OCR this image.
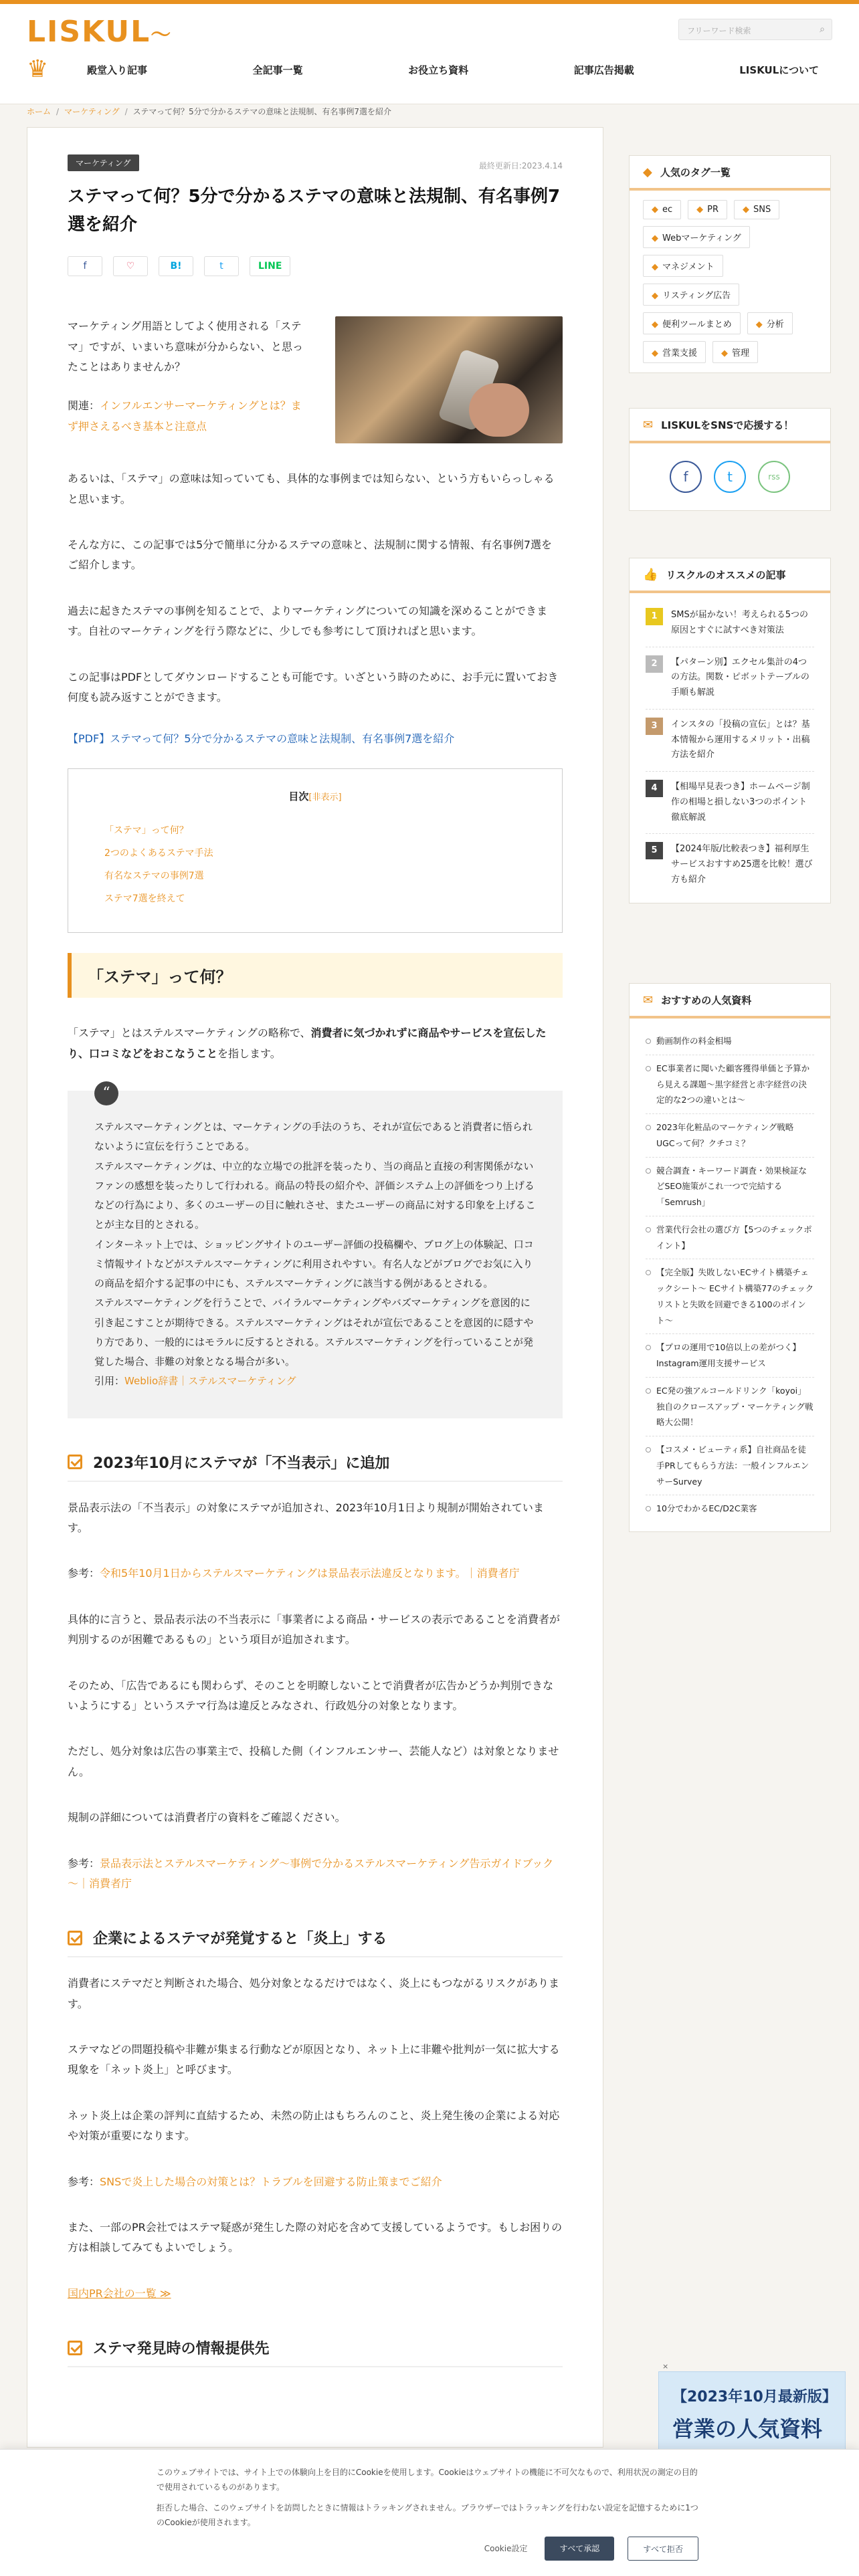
LISKUL〜	フリーワード検索	⌕
♛	殿堂入り記事	全記事一覧	お役立ち資料	記事広告掲載	LISKULについて
ホーム / マーケティング / ステマって何？5分で分かるステマの意味と法規制、有名事例7選を紹介
マーケティング	最終更新日:2023.4.14
ステマって何？5分で分かるステマの意味と法規制、有名事例7選を紹介
f	♡	B!	t	LINE

マーケティング用語としてよく使用される「ステマ」ですが、いまいち意味が分からない、と思ったことはありませんか？

関連：インフルエンサーマーケティングとは？まず押さえるべき基本と注意点

あるいは、「ステマ」の意味は知っていても、具体的な事例までは知らない、という方もいらっしゃると思います。

そんな方に、この記事では5分で簡単に分かるステマの意味と、法規制に関する情報、有名事例7選をご紹介します。

過去に起きたステマの事例を知ることで、よりマーケティングについての知識を深めることができます。自社のマーケティングを行う際などに、少しでも参考にして頂ければと思います。

この記事はPDFとしてダウンロードすることも可能です。いざという時のために、お手元に置いておき何度も読み返すことができます。

【PDF】ステマって何？5分で分かるステマの意味と法規制、有名事例7選を紹介

目次[非表示]
「ステマ」って何？
2つのよくあるステマ手法
有名なステマの事例7選
ステマ7選を終えて
「ステマ」って何？

「ステマ」とはステルスマーケティングの略称で、消費者に気づかれずに商品やサービスを宣伝したり、口コミなどをおこなうことを指します。

“

ステルスマーケティングとは、マーケティングの手法のうち、それが宣伝であると消費者に悟られないように宣伝を行うことである。

ステルスマーケティングは、中立的な立場での批評を装ったり、当の商品と直接の利害関係がないファンの感想を装ったりして行われる。商品の特長の紹介や、評価システム上の評価をつり上げるなどの行為により、多くのユーザーの目に触れさせ、またユーザーの商品に対する印象を上げることが主な目的とされる。

インターネット上では、ショッピングサイトのユーザー評価の投稿欄や、ブログ上の体験記、口コミ情報サイトなどがステルスマーケティングに利用されやすい。有名人などがブログでお気に入りの商品を紹介する記事の中にも、ステルスマーケティングに該当する例があるとされる。

ステルスマーケティングを行うことで、バイラルマーケティングやバズマーケティングを意図的に引き起こすことが期待できる。ステルスマーケティングはそれが宣伝であることを意図的に隠すやり方であり、一般的にはモラルに反するとされる。ステルスマーケティングを行っていることが発覚した場合、非難の対象となる場合が多い。

引用：Weblio辞書｜ステルスマーケティング

2023年10月にステマが「不当表示」に追加

景品表示法の「不当表示」の対象にステマが追加され、2023年10月1日より規制が開始されています。

参考：令和5年10月1日からステルスマーケティングは景品表示法違反となります。｜消費者庁

具体的に言うと、景品表示法の不当表示に「事業者による商品・サービスの表示であることを消費者が判別するのが困難であるもの」という項目が追加されます。

そのため、「広告であるにも関わらず、そのことを明瞭しないことで消費者が広告かどうか判別できないようにする」というステマ行為は違反とみなされ、行政処分の対象となります。

ただし、処分対象は広告の事業主で、投稿した側（インフルエンサー、芸能人など）は対象となりません。

規制の詳細については消費者庁の資料をご確認ください。

参考：景品表示法とステルスマーケティング～事例で分かるステルスマーケティング告示ガイドブック～｜消費者庁

企業によるステマが発覚すると「炎上」する

消費者にステマだと判断された場合、処分対象となるだけではなく、炎上にもつながるリスクがあります。

ステマなどの問題投稿や非難が集まる行動などが原因となり、ネット上に非難や批判が一気に拡大する現象を「ネット炎上」と呼びます。

ネット炎上は企業の評判に直結するため、未然の防止はもちろんのこと、炎上発生後の企業による対応や対策が重要になります。

参考：SNSで炎上した場合の対策とは？トラブルを回避する防止策までご紹介

また、一部のPR会社ではステマ疑惑が発生した際の対応を含めて支援しているようです。もしお困りの方は相談してみてもよいでしょう。

国内PR会社の一覧 ≫

ステマ発見時の情報提供先
◆ 人気のタグ一覧
◆ ec	◆ PR	◆ SNS
◆ Webマーケティング
◆ マネジメント
◆ リスティング広告
◆ 便利ツールまとめ	◆ 分析
◆ 営業支援	◆ 管理
✉ LISKULをSNSで応援する！
f	t	rss
👍 リスクルのオススメの記事
1	SMSが届かない！考えられる5つの原因とすぐに試すべき対策法
2	【パターン別】エクセル集計の4つの方法。関数・ピボットテーブルの手順も解説
3	インスタの「投稿の宣伝」とは？基本情報から運用するメリット・出稿方法を紹介
4	【相場早見表つき】ホームページ制作の相場と損しない3つのポイント徹底解説
5	【2024年版/比較表つき】福利厚生サービスおすすめ25選を比較！選び方も紹介
✉ おすすめの人気資料
動画制作の料金相場
EC事業者に聞いた顧客獲得単価と予算から見える課題～黒字経営と赤字経営の決定的な2つの違いとは～
2023年化粧品のマーケティング戦略 UGCって何？クチコミ？
競合調査・キーワード調査・効果検証などSEO施策がこれ一つで完結する「Semrush」
営業代行会社の選び方【5つのチェックポイント】
【完全版】失敗しないECサイト構築チェックシート～ ECサイト構築77のチェックリストと失敗を回避できる100のポイント～
【プロの運用で10倍以上の差がつく】Instagram運用支援サービス
EC発の強アルコールドリンク「koyoi」独自のクロースアップ・マーケティング戦略大公開！
【コスメ・ビューティ系】自社商品を徒手PRしてもらう方法：一般インフルエンサーSurvey
10分でわかるEC/D2C業客
×
【2023年10月最新版】
営業の人気資料

このウェブサイトでは、サイト上での体験向上を目的にCookieを使用します。Cookieはウェブサイトの機能に不可欠なもので、利用状況の測定の目的で使用されているものがあります。

拒否した場合、このウェブサイトを訪問したときに情報はトラッキングされません。ブラウザーではトラッキングを行わない設定を記憶するために1つのCookieが使用されます。

Cookie設定	すべて承認	すべて拒否
